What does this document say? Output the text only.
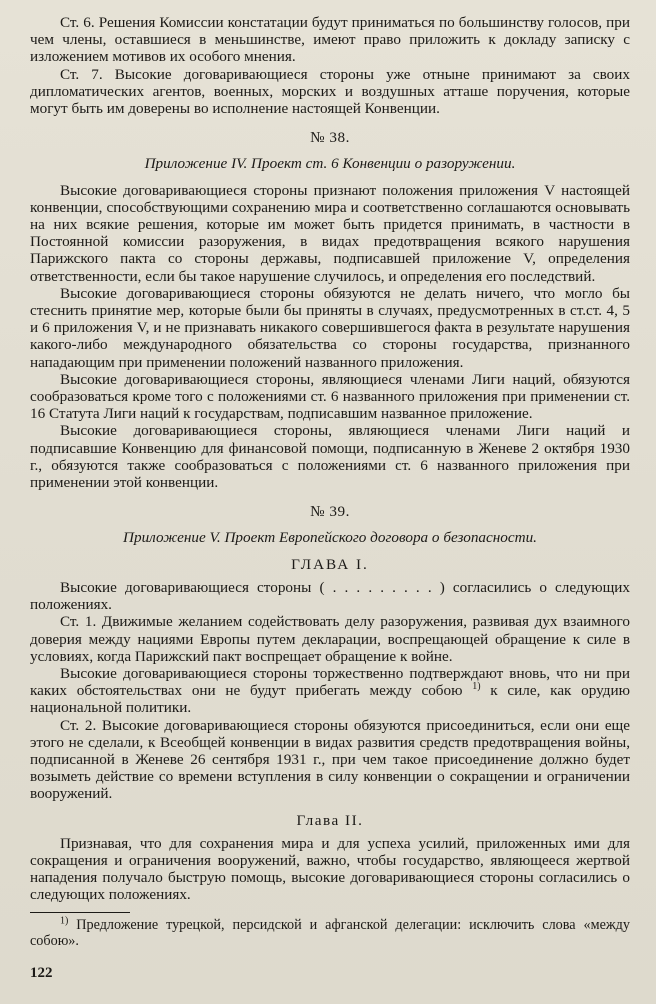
Ст. 6. Решения Комиссии констатации будут приниматься по большинству голосов, при чем члены, оставшиеся в меньшинстве, имеют право приложить к докладу записку с изложением мотивов их особого мнения.

Ст. 7. Высокие договаривающиеся стороны уже отныне принимают за своих дипломатических агентов, военных, морских и воздушных атташе поручения, которые могут быть им доверены во исполнение настоящей Конвенции.

№ 38.

Приложение IV. Проект ст. 6 Конвенции о разоружении.

Высокие договаривающиеся стороны признают положения приложения V настоящей конвенции, способствующими сохранению мира и соответственно соглашаются основывать на них всякие решения, которые им может быть придется принимать, в частности в Постоянной комиссии разоружения, в видах предотвращения всякого нарушения Парижского пакта со стороны державы, подписавшей приложение V, определения ответственности, если бы такое нарушение случилось, и определения его последствий.

Высокие договаривающиеся стороны обязуются не делать ничего, что могло бы стеснить принятие мер, которые были бы приняты в случаях, предусмотренных в ст.ст. 4, 5 и 6 приложения V, и не признавать никакого совершившегося факта в результате нарушения какого-либо международного обязательства со стороны государства, признанного нападающим при применении положений названного приложения.

Высокие договаривающиеся стороны, являющиеся членами Лиги наций, обязуются сообразоваться кроме того с положениями ст. 6 названного приложения при применении ст. 16 Статута Лиги наций к государствам, подписавшим названное приложение.

Высокие договаривающиеся стороны, являющиеся членами Лиги наций и подписавшие Конвенцию для финансовой помощи, подписанную в Женеве 2 октября 1930 г., обязуются также сообразоваться с положениями ст. 6 названного приложения при применении этой конвенции.

№ 39.

Приложение V. Проект Европейского договора о безопасности.

ГЛАВА I.

Высокие договаривающиеся стороны ( . . . . . . . . . ) согласились о следующих положениях.

Ст. 1. Движимые желанием содействовать делу разоружения, развивая дух взаимного доверия между нациями Европы путем декларации, воспрещающей обращение к силе в условиях, когда Парижский пакт воспрещает обращение к войне.

Высокие договаривающиеся стороны торжественно подтверждают вновь, что ни при каких обстоятельствах они не будут прибегать между собою $^{1)}$ к силе, как орудию национальной политики.

Ст. 2. Высокие договаривающиеся стороны обязуются присоединиться, если они еще этого не сделали, к Всеобщей конвенции в видах развития средств предотвращения войны, подписанной в Женеве 26 сентября 1931 г., при чем такое присоединение должно будет возыметь действие со времени вступления в силу конвенции о сокращении и ограничении вооружений.

Глава II.

Признавая, что для сохранения мира и для успеха усилий, приложенных ими для сокращения и ограничения вооружений, важно, чтобы государство, являющееся жертвой нападения получало быструю помощь, высокие договаривающиеся стороны согласились о следующих положениях.

$^{1)}$ Предложение турецкой, персидской и афганской делегации: исключить слова «между собою».

122
